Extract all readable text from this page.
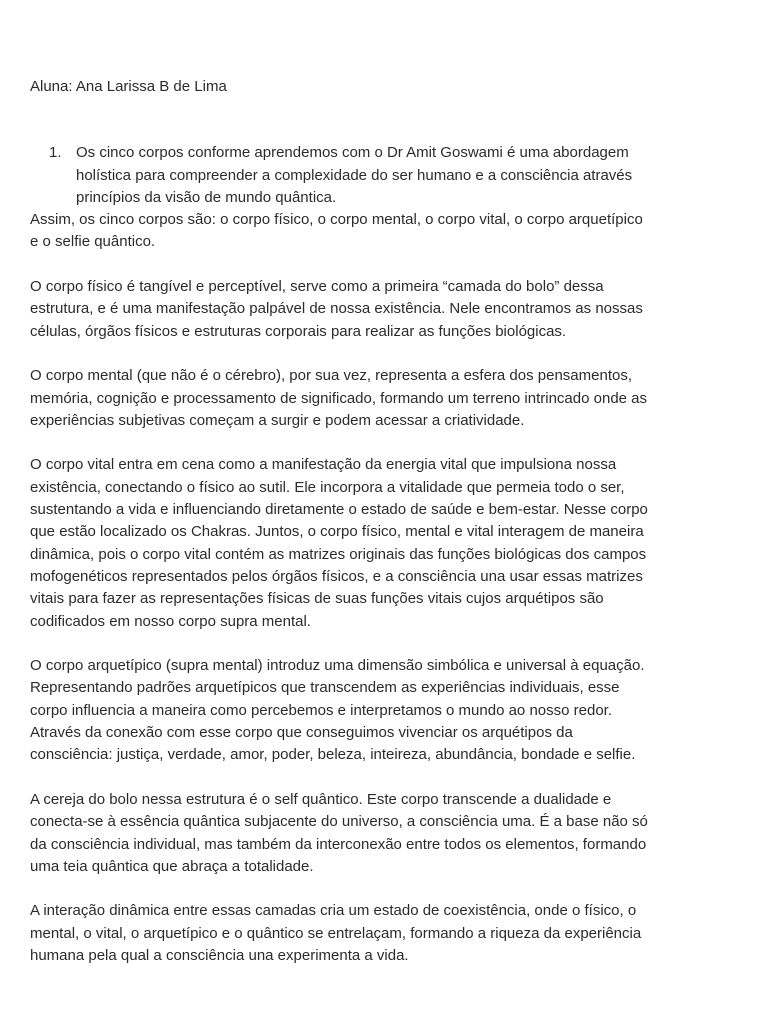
Aluna: Ana Larissa B de Lima

1. Os cinco corpos conforme aprendemos com o Dr Amit Goswami é uma abordagem
holística para compreender a complexidade do ser humano e a consciência através
princípios da visão de mundo quântica.
Assim, os cinco corpos são: o corpo físico, o corpo mental, o corpo vital, o corpo arquetípico
e o selfie quântico.
O corpo físico é tangível e perceptível, serve como a primeira “camada do bolo” dessa
estrutura, e é uma manifestação palpável de nossa existência. Nele encontramos as nossas
células, órgãos físicos e estruturas corporais para realizar as funções biológicas.
O corpo mental (que não é o cérebro), por sua vez, representa a esfera dos pensamentos,
memória, cognição e processamento de significado, formando um terreno intrincado onde as
experiências subjetivas começam a surgir e podem acessar a criatividade.
O corpo vital entra em cena como a manifestação da energia vital que impulsiona nossa
existência, conectando o físico ao sutil. Ele incorpora a vitalidade que permeia todo o ser,
sustentando a vida e influenciando diretamente o estado de saúde e bem-estar. Nesse corpo
que estão localizado os Chakras. Juntos, o corpo físico, mental e vital interagem de maneira
dinâmica, pois o corpo vital contém as matrizes originais das funções biológicas dos campos
mofogenéticos representados pelos órgãos físicos, e a consciência una usar essas matrizes
vitais para fazer as representações físicas de suas funções vitais cujos arquétipos são
codificados em nosso corpo supra mental.
O corpo arquetípico (supra mental) introduz uma dimensão simbólica e universal à equação.
Representando padrões arquetípicos que transcendem as experiências individuais, esse
corpo influencia a maneira como percebemos e interpretamos o mundo ao nosso redor.
Através da conexão com esse corpo que conseguimos vivenciar os arquétipos da
consciência: justiça, verdade, amor, poder, beleza, inteireza, abundância, bondade e selfie.
A cereja do bolo nessa estrutura é o self quântico. Este corpo transcende a dualidade e
conecta-se à essência quântica subjacente do universo, a consciência uma. É a base não só
da consciência individual, mas também da interconexão entre todos os elementos, formando
uma teia quântica que abraça a totalidade.
A interação dinâmica entre essas camadas cria um estado de coexistência, onde o físico, o
mental, o vital, o arquetípico e o quântico se entrelaçam, formando a riqueza da experiência
humana pela qual a consciência una experimenta a vida.
